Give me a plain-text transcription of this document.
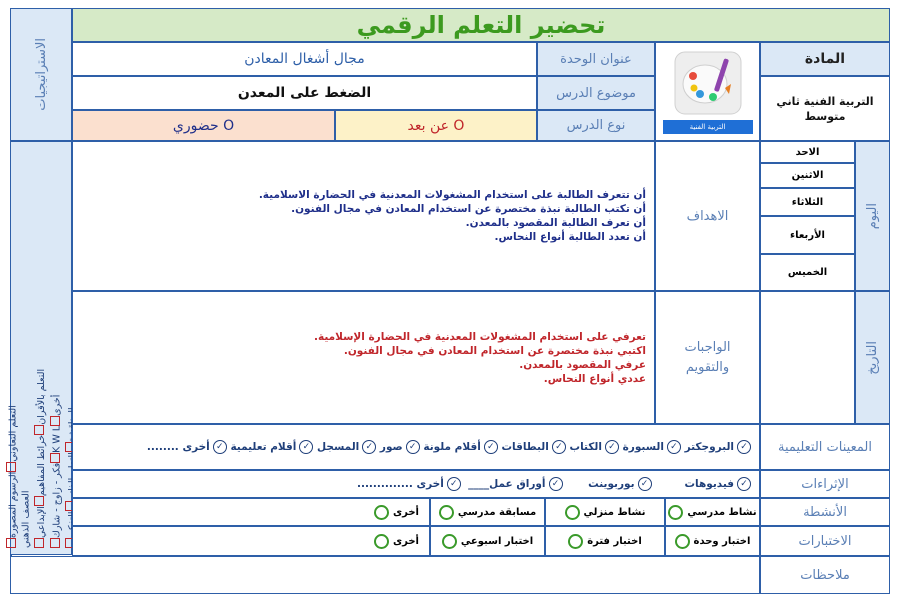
تحضير التعلم الرقمي
الاستراتيجيات	المادة
التربية الفنية ثاني متوسط
التربية الفنية
عنوان الوحدة
مجال أشغال المعادن
موضوع الدرس
الضغط على المعدن
نوع الدرس
عن بعد O
حضوري O
التعلم التعاونيالرسوم المصورة العصف الذهني
التعلم بالأقرانخرائط المفاهيمالإبداعي فكر - زاوج - شاركK W Lأخرى
اليوم
التاريخ
الاحد
الاثنين
الثلاثاء
الأربعاء
الخميس
الاهداف
أن تتعرف الطالبة على استخدام المشغولات المعدنية في الحضارة الاسلامية.
أن تكتب الطالبة نبذة مختصرة عن استخدام المعادن في مجال الفنون.
أن تعرف الطالبة المقصود بالمعدن.
أن تعدد الطالبة أنواع النحاس.
الواجبات والتقويم
تعرفي على استخدام المشغولات المعدنية في الحضارة الإسلامية.
اكتبي نبذة مختصرة عن استخدام المعادن في مجال الفنون.
عرفي المقصود بالمعدن.
عددي أنواع النحاس.
المعينات التعليمية
✓البروجكتر

✓السبورة

✓الكتاب

✓البطاقات

✓أقلام ملونة

✓صور

✓المسجل

✓أقلام تعليمية

✓أخرى ........
الإثراءات
✓فيديوهات

✓بوربوينت

✓أوراق عمل____

✓أخرى ..............
الأنشطة
نشاط مدرسي
نشاط منزلي
مسابقة مدرسي
أخرى
الاختبارات
اختبار وحدة
اختبار فترة
اختبار اسبوعي
أخرى
ملاحظات
